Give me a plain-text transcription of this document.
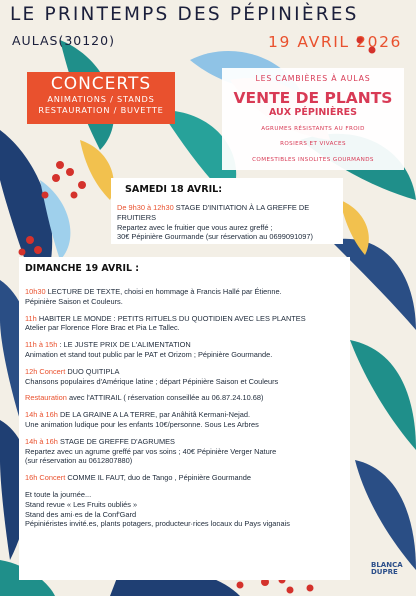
LE PRINTEMPS DES PÉPINIÈRES
AULAS(30120)	19 AVRIL 2026
CONCERTS
ANIMATIONS / STANDS
RESTAURATION / BUVETTE
LES CAMBIÈRES À AULAS
VENTE DE PLANTS
AUX PÉPINIÈRES
AGRUMES RÉSISTANTS AU FROID
ROSIERS ET VIVACES
COMESTIBLES INSOLITES GOURMANDS
SAMEDI 18 AVRIL:
De 9h30 à 12h30 STAGE D'INITIATION À LA GREFFE DE FRUITIERS
Repartez avec le fruitier que vous aurez greffé ;
30€ Pépinière Gourmande (sur réservation au 0699091097)
DIMANCHE 19 AVRIL :
10h30 LECTURE DE TEXTE, choisi en hommage à Francis Hallé par Étienne.
Pépinière Saison et Couleurs.
11h HABITER LE MONDE : PETITS RITUELS DU QUOTIDIEN AVEC LES PLANTES
Atelier par Florence Flore Brac et Pia Le Tallec.
11h à 15h : LE JUSTE PRIX DE L'ALIMENTATION
Animation et stand tout public par le PAT et Orizom ; Pépinière Gourmande.
12h Concert DUO QUITIPLA
Chansons populaires d'Amérique latine ; départ Pépinière Saison et Couleurs
Restauration avec l'ATTIRAIL ( réservation conseillée au 06.87.24.10.68)
14h à 16h DE LA GRAINE A LA TERRE, par Anâhitâ Kermani-Nejad.
Une animation ludique pour les enfants 10€/personne. Sous Les Arbres
14h à 16h STAGE DE GREFFE D'AGRUMES
Repartez avec un agrume greffé par vos soins ; 40€ Pépinière Verger Nature
(sur réservation au 0612807880)
16h Concert COMME IL FAUT, duo de Tango , Pépinière Gourmande
Et toute la journée...
Stand revue « Les Fruits oubliés »
Stand des ami·es de la Conf'Gard
Pépiniéristes invité.es, plants potagers, producteur·rices locaux du Pays viganais
BLANCA
DUPRE
